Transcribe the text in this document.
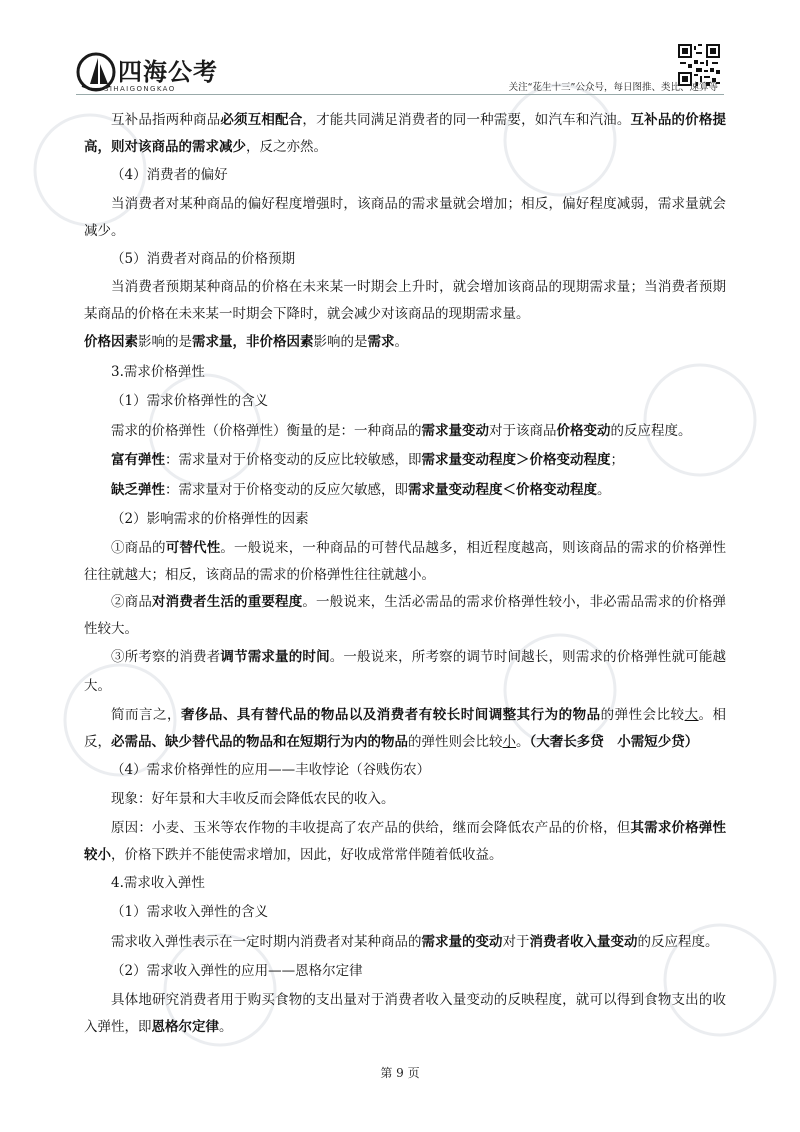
四海公考
SIHAIGONGKAO	关注“花生十三”公众号，每日图推、类比、速算等

互补品指两种商品必须互相配合，才能共同满足消费者的同一种需要，如汽车和汽油。互补品的价格提高，则对该商品的需求减少，反之亦然。

（4）消费者的偏好

当消费者对某种商品的偏好程度增强时，该商品的需求量就会增加；相反，偏好程度减弱，需求量就会减少。

（5）消费者对商品的价格预期

当消费者预期某种商品的价格在未来某一时期会上升时，就会增加该商品的现期需求量；当消费者预期某商品的价格在未来某一时期会下降时，就会减少对该商品的现期需求量。

价格因素影响的是需求量，非价格因素影响的是需求。

3.需求价格弹性

（1）需求价格弹性的含义

需求的价格弹性（价格弹性）衡量的是：一种商品的需求量变动对于该商品价格变动的反应程度。

富有弹性：需求量对于价格变动的反应比较敏感，即需求量变动程度＞价格变动程度；

缺乏弹性：需求量对于价格变动的反应欠敏感，即需求量变动程度＜价格变动程度。

（2）影响需求的价格弹性的因素

①商品的可替代性。一般说来，一种商品的可替代品越多，相近程度越高，则该商品的需求的价格弹性往往就越大；相反，该商品的需求的价格弹性往往就越小。

②商品对消费者生活的重要程度。一般说来，生活必需品的需求价格弹性较小，非必需品需求的价格弹性较大。

③所考察的消费者调节需求量的时间。一般说来，所考察的调节时间越长，则需求的价格弹性就可能越大。

简而言之，奢侈品、具有替代品的物品以及消费者有较长时间调整其行为的物品的弹性会比较大。相反，必需品、缺少替代品的物品和在短期行为内的物品的弹性则会比较小。（大奢长多贷　小需短少贷）

（4）需求价格弹性的应用——丰收悖论（谷贱伤农）

现象：好年景和大丰收反而会降低农民的收入。

原因：小麦、玉米等农作物的丰收提高了农产品的供给，继而会降低农产品的价格，但其需求价格弹性较小，价格下跌并不能使需求增加，因此，好收成常常伴随着低收益。

4.需求收入弹性

（1）需求收入弹性的含义

需求收入弹性表示在一定时期内消费者对某种商品的需求量的变动对于消费者收入量变动的反应程度。

（2）需求收入弹性的应用——恩格尔定律

具体地研究消费者用于购买食物的支出量对于消费者收入量变动的反映程度，就可以得到食物支出的收入弹性，即恩格尔定律。

第 9 页
